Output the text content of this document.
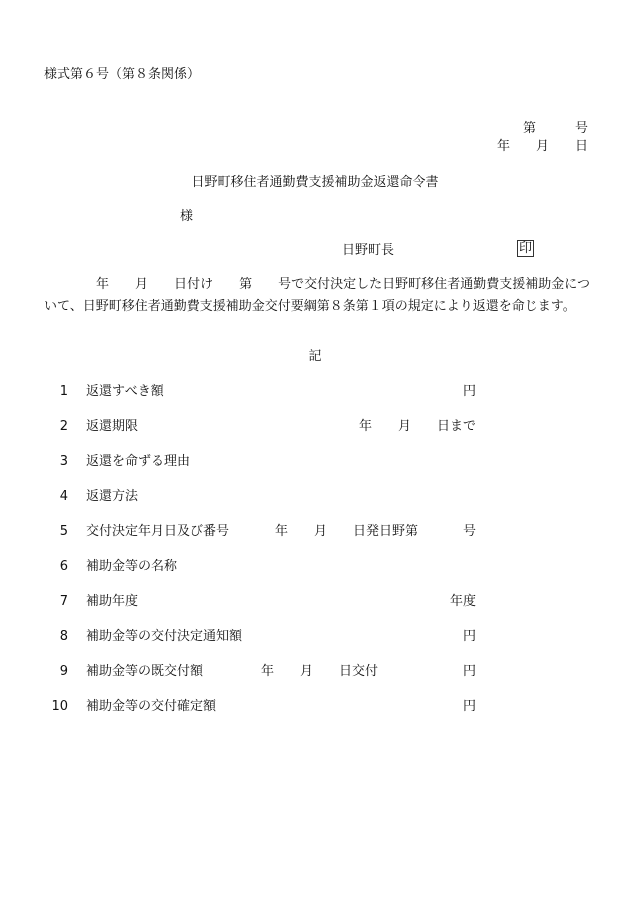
様式第６号（第８条関係）
第　　　号
年　　月　　日
日野町移住者通勤費支援補助金返還命令書
様
日野町長	印
　　　　年　　月　　日付け　　第　　号で交付決定した日野町移住者通勤費支援補助金について、日野町移住者通勤費支援補助金交付要綱第８条第１項の規定により返還を命じます。
記
1 返還すべき額	円
2 返還期限	年　　月　　日まで
3 返還を命ずる理由
4 返還方法
5 交付決定年月日及び番号	年　　月　　日発日野第	号
6 補助金等の名称
7 補助年度	年度
8 補助金等の交付決定通知額	円
9 補助金等の既交付額	年　　月　　日交付	円
10 補助金等の交付確定額	円
